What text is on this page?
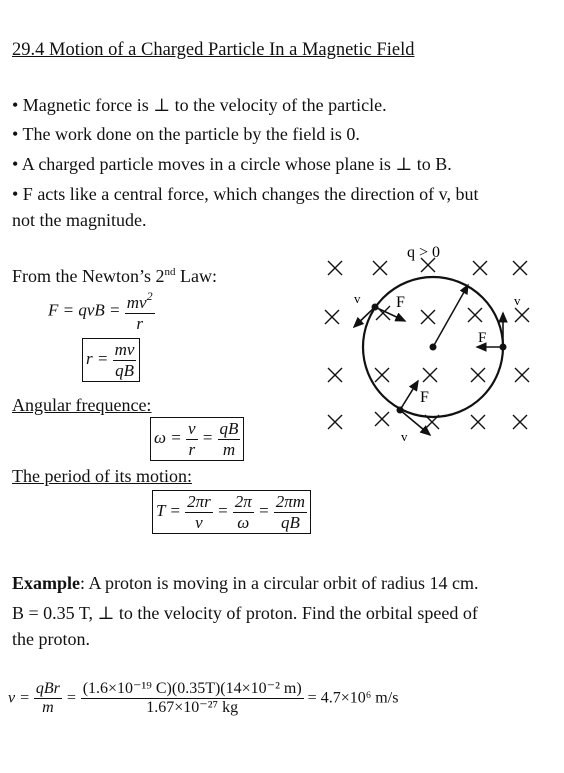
29.4 Motion of a Charged Particle In a Magnetic Field
• Magnetic force is ⊥ to the velocity of the particle.
• The work done on the particle by the field is 0.
• A charged particle moves in a circle whose plane is ⊥ to B.
• F acts like a central force, which changes the direction of v, but
not the magnitude.
From the Newton’s 2nd Law:
F = qvB = $\frac{mv^2}{r}$
$r = \frac{mv}{qB}$
Angular frequence:
$\omega = \frac{v}{r} = \frac{qB}{m}$
The period of its motion:
$T = \frac{2\pi r}{v} = \frac{2\pi}{\omega} = \frac{2\pi m}{qB}$
Example: A proton is moving in a circular orbit of radius 14 cm.
B = 0.35 T, ⊥ to the velocity of proton. Find the orbital speed of
the proton.
$v = \frac{\text{qBr}}{m} = \frac{\text{(1.6×10⁻¹⁹ C)(0.35T)(14×10⁻² m)}}{\text{1.67×10⁻²⁷ kg}} = 4.7\times 10^6$ m/s
q > 0
v F	v
F
F
v
